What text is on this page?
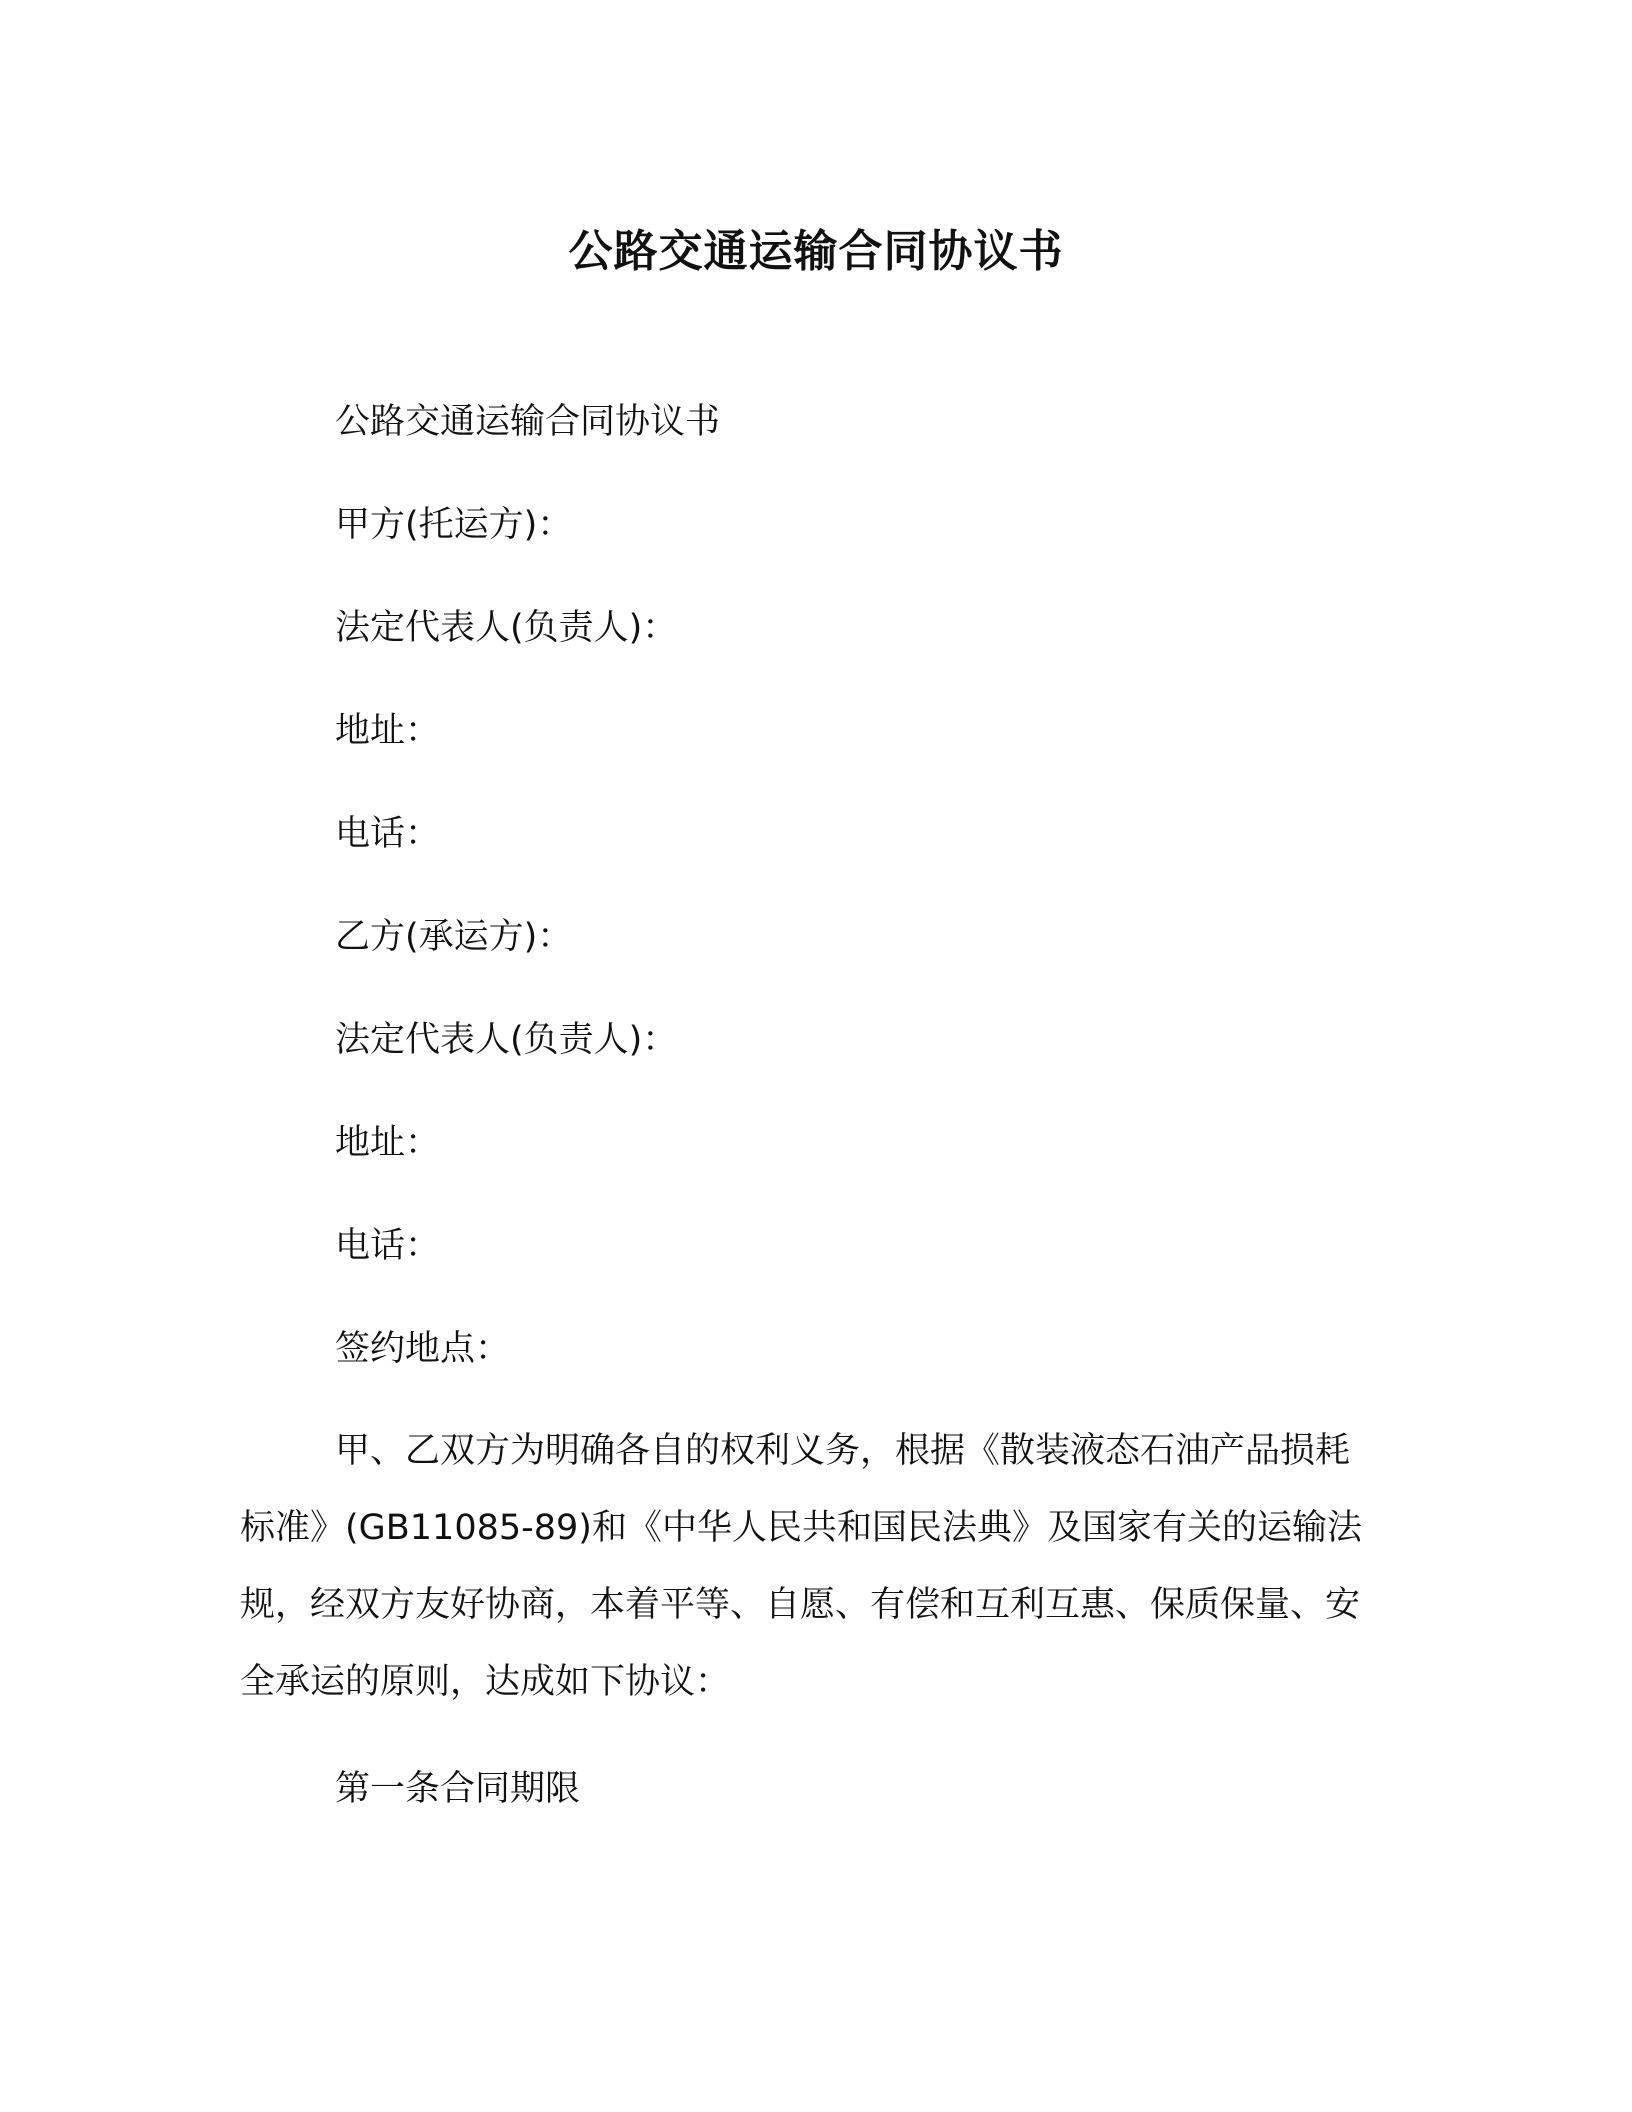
公路交通运输合同协议书
公路交通运输合同协议书
甲方(托运方)：
法定代表人(负责人)：
地址：
电话：
乙方(承运方)：
法定代表人(负责人)：
地址：
电话：
签约地点：
甲、乙双方为明确各自的权利义务，根据《散装液态石油产品损耗标准》(GB11085-89)和《中华人民共和国民法典》及国家有关的运输法规，经双方友好协商，本着平等、自愿、有偿和互利互惠、保质保量、安全承运的原则，达成如下协议：
第一条合同期限
